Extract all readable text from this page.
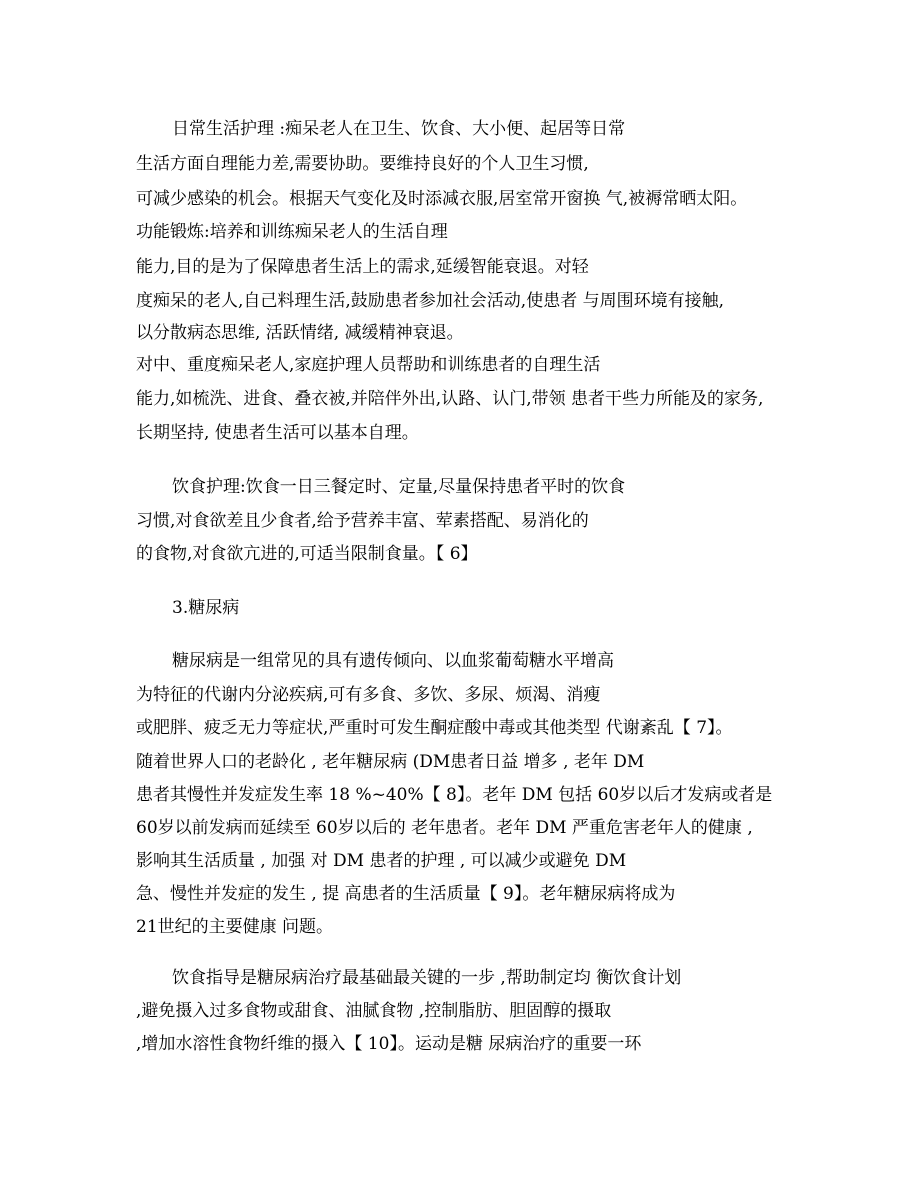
日常生活护理 :痴呆老人在卫生、饮食、大小便、起居等日常

生活方面自理能力差,需要协助。要维持良好的个人卫生习惯,

可减少感染的机会。根据天气变化及时添减衣服,居室常开窗换 气,被褥常晒太阳。

功能锻炼:培养和训练痴呆老人的生活自理

能力,目的是为了保障患者生活上的需求,延缓智能衰退。对轻

度痴呆的老人,自己料理生活,鼓励患者参加社会活动,使患者 与周围环境有接触,

以分散病态思维, 活跃情绪, 减缓精神衰退。

对中、重度痴呆老人,家庭护理人员帮助和训练患者的自理生活

能力,如梳洗、进食、叠衣被,并陪伴外出,认路、认门,带领 患者干些力所能及的家务,

长期坚持, 使患者生活可以基本自理。

饮食护理:饮食一日三餐定时、定量,尽量保持患者平时的饮食

习惯,对食欲差且少食者,给予营养丰富、荤素搭配、易消化的

的食物,对食欲亢进的,可适当限制食量。【 6】

3.糖尿病

糖尿病是一组常见的具有遗传倾向、以血浆葡萄糖水平增高

为特征的代谢内分泌疾病,可有多食、多饮、多尿、烦渴、消瘦

或肥胖、疲乏无力等症状,严重时可发生酮症酸中毒或其他类型 代谢紊乱【 7】。

随着世界人口的老龄化 , 老年糖尿病 (DM患者日益 增多 , 老年 DM

患者其慢性并发症发生率 18 %~40%【 8】。老年 DM 包括 60岁以后才发病或者是

60岁以前发病而延续至 60岁以后的 老年患者。老年 DM 严重危害老年人的健康 ,

影响其生活质量 , 加强 对 DM 患者的护理 , 可以减少或避免 DM

急、慢性并发症的发生 , 提 高患者的生活质量【 9】。老年糖尿病将成为

21世纪的主要健康 问题。

饮食指导是糖尿病治疗最基础最关键的一步 ,帮助制定均 衡饮食计划

,避免摄入过多食物或甜食、油腻食物 ,控制脂肪、胆固醇的摄取

,增加水溶性食物纤维的摄入【 10】。运动是糖 尿病治疗的重要一环
